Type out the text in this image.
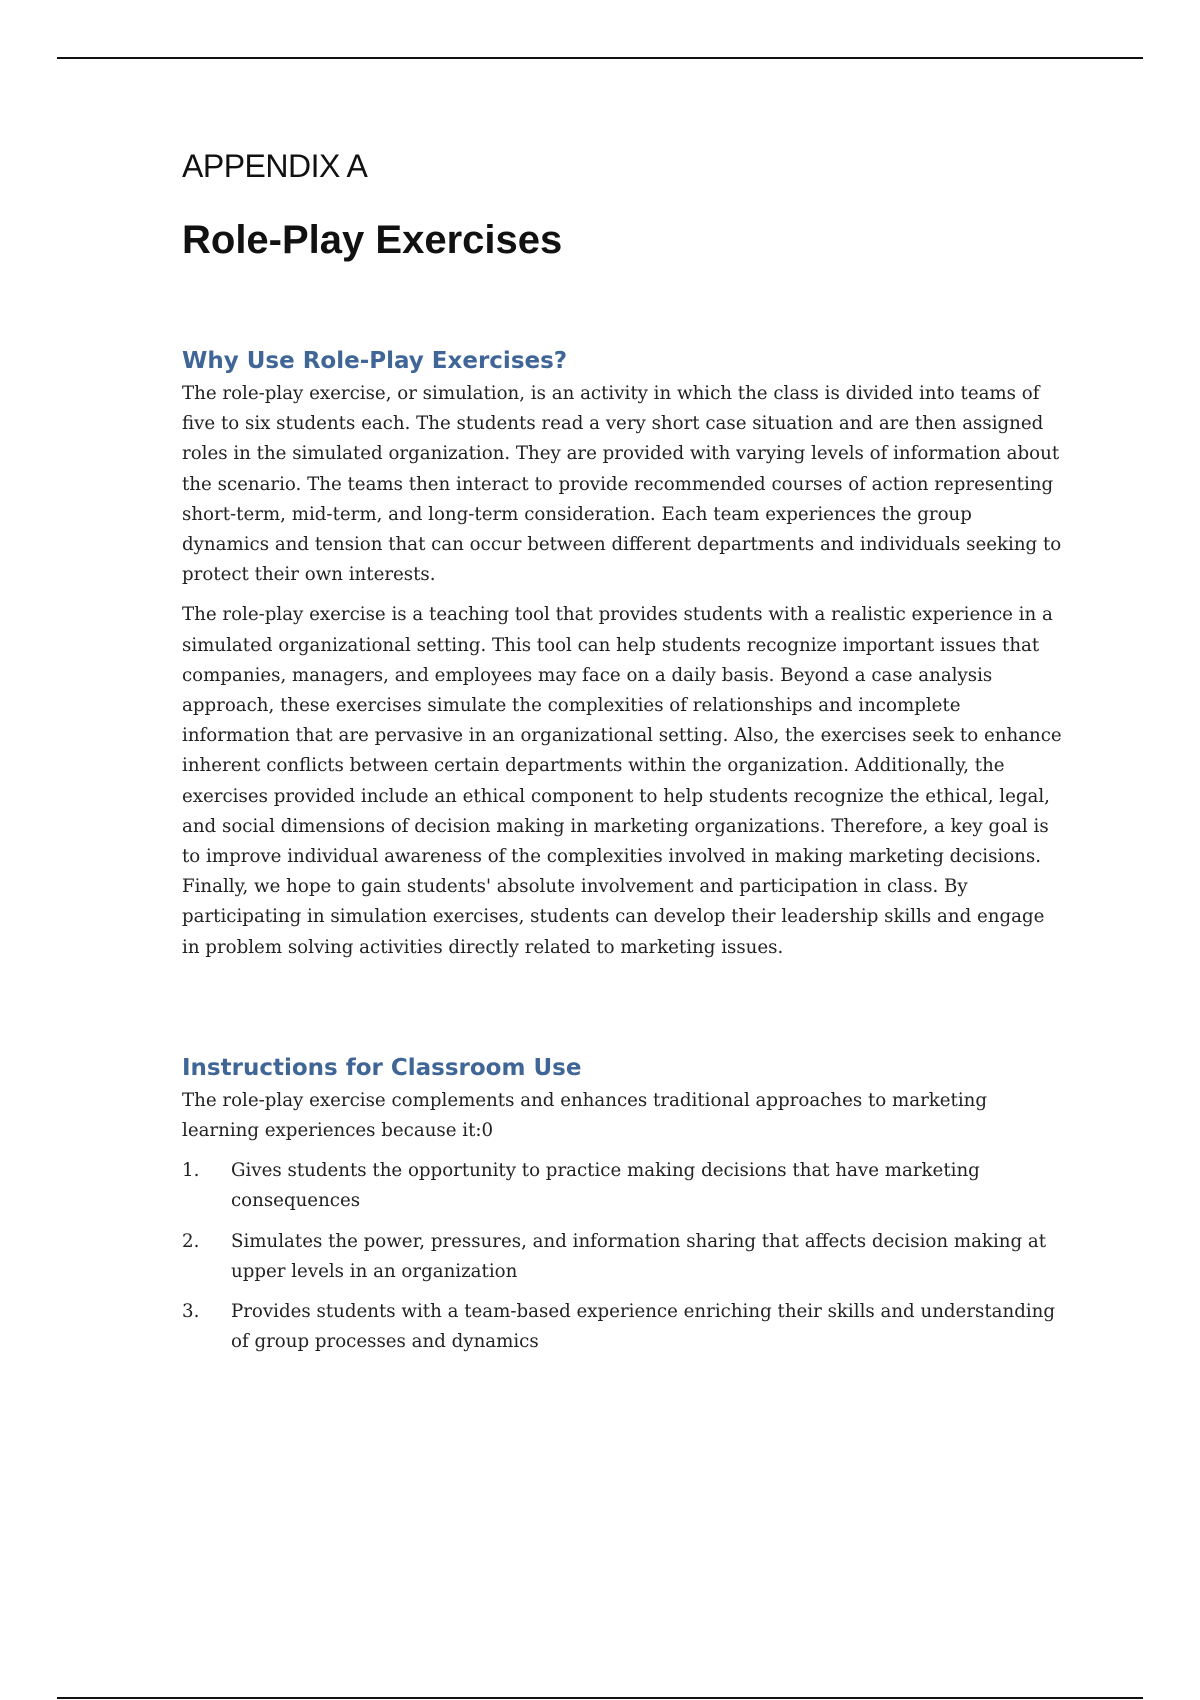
APPENDIX A
Role-Play Exercises
Why Use Role-Play Exercises?

The role-play exercise, or simulation, is an activity in which the class is divided into teams of five to six students each. The students read a very short case situation and are then assigned roles in the simulated organization. They are provided with varying levels of information about the scenario. The teams then interact to provide recommended courses of action representing short-term, mid-term, and long-term consideration. Each team experiences the group dynamics and tension that can occur between different departments and individuals seeking to protect their own interests.

The role-play exercise is a teaching tool that provides students with a realistic experience in a simulated organizational setting. This tool can help students recognize important issues that companies, managers, and employees may face on a daily basis. Beyond a case analysis approach, these exercises simulate the complexities of relationships and incomplete information that are pervasive in an organizational setting. Also, the exercises seek to enhance inherent conflicts between certain departments within the organization. Additionally, the exercises provided include an ethical component to help students recognize the ethical, legal, and social dimensions of decision making in marketing organizations. Therefore, a key goal is to improve individual awareness of the complexities involved in making marketing decisions. Finally, we hope to gain students' absolute involvement and participation in class. By participating in simulation exercises, students can develop their leadership skills and engage in problem solving activities directly related to marketing issues.

Instructions for Classroom Use

The role-play exercise complements and enhances traditional approaches to marketing learning experiences because it:0

1.	Gives students the opportunity to practice making decisions that have marketing consequences
2.	Simulates the power, pressures, and information sharing that affects decision making at upper levels in an organization
3.	Provides students with a team-based experience enriching their skills and understanding of group processes and dynamics
